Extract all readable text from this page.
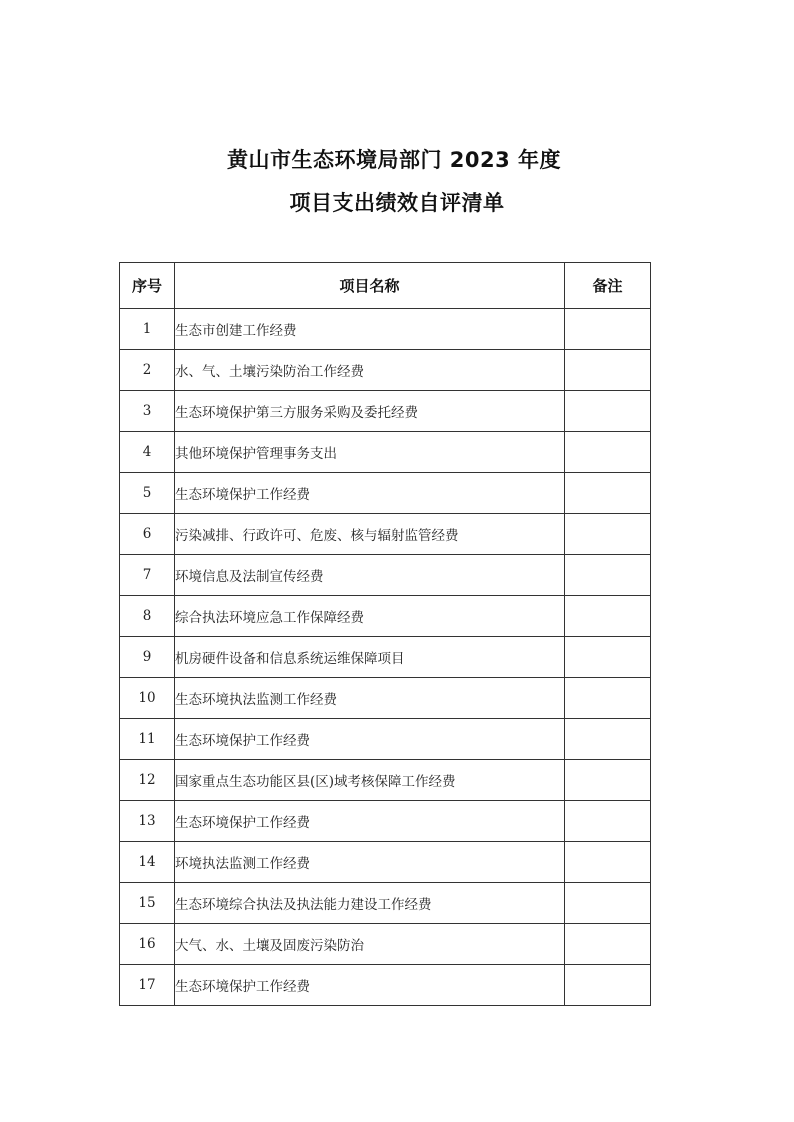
黄山市生态环境局部门 2023 年度
项目支出绩效自评清单
序号	项目名称	备注
1	生态市创建工作经费	
2	水、气、土壤污染防治工作经费	
3	生态环境保护第三方服务采购及委托经费	
4	其他环境保护管理事务支出	
5	生态环境保护工作经费	
6	污染减排、行政许可、危废、核与辐射监管经费	
7	环境信息及法制宣传经费	
8	综合执法环境应急工作保障经费	
9	机房硬件设备和信息系统运维保障项目	
10	生态环境执法监测工作经费	
11	生态环境保护工作经费	
12	国家重点生态功能区县(区)域考核保障工作经费	
13	生态环境保护工作经费	
14	环境执法监测工作经费	
15	生态环境综合执法及执法能力建设工作经费	
16	大气、水、土壤及固废污染防治	
17	生态环境保护工作经费	
